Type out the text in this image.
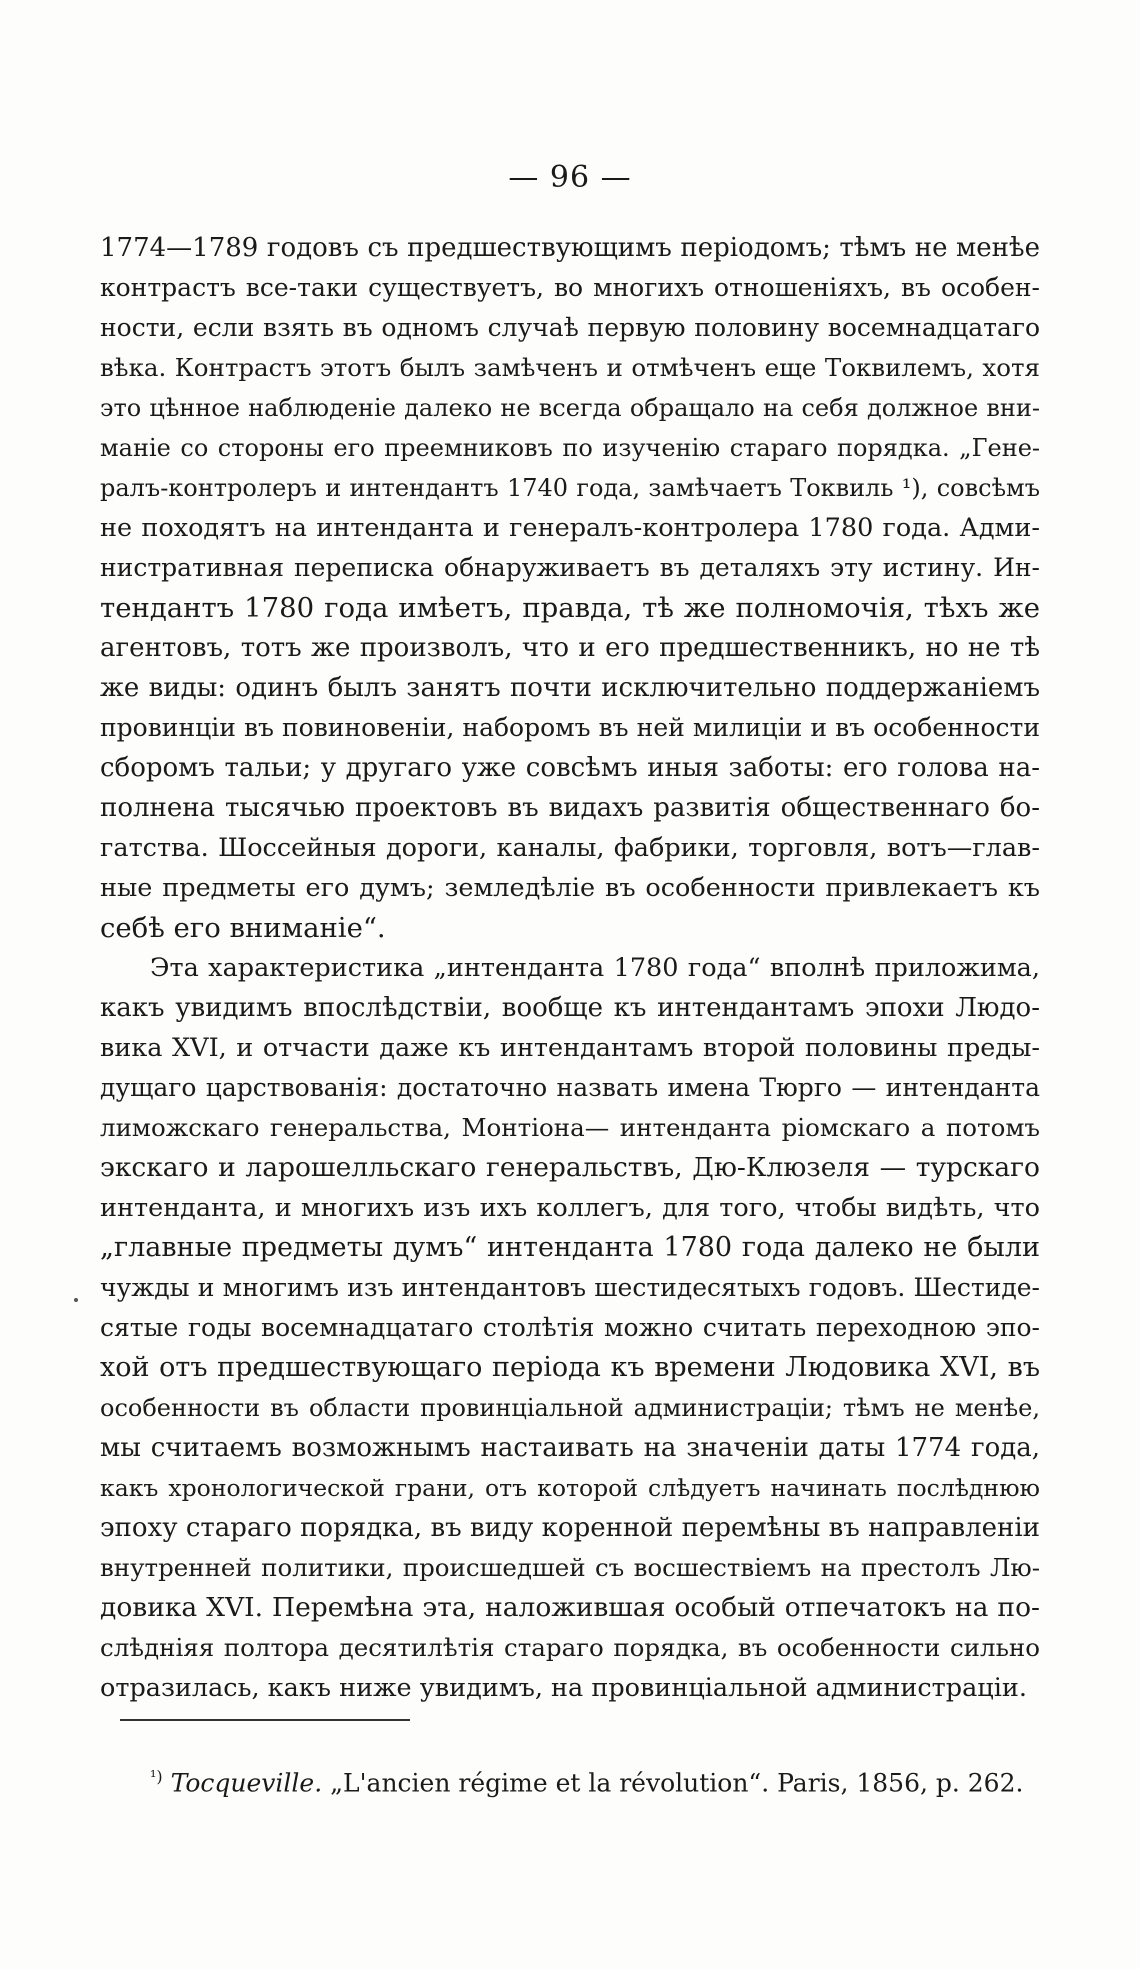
— 96 —
1774—1789 годовъ съ предшествующимъ періодомъ; тѣмъ не менѣе
контрастъ все-таки существуетъ, во многихъ отношеніяхъ, въ особен-
ности, если взять въ одномъ случаѣ первую половину восемнадцатаго
вѣка. Контрастъ этотъ былъ замѣченъ и отмѣченъ еще Токвилемъ, хотя
это цѣнное наблюденіе далеко не всегда обращало на себя должное вни-
маніе со стороны его преемниковъ по изученію стараго порядка. „Гене-
ралъ-контролеръ и интендантъ 1740 года, замѣчаетъ Токвиль ¹), совсѣмъ
не походятъ на интенданта и генералъ-контролера 1780 года. Адми-
нистративная переписка обнаруживаетъ въ деталяхъ эту истину. Ин-
тендантъ 1780 года имѣетъ, правда, тѣ же полномочія, тѣхъ же
агентовъ, тотъ же произволъ, что и его предшественникъ, но не тѣ
же виды: одинъ былъ занятъ почти исключительно поддержаніемъ
провинціи въ повиновеніи, наборомъ въ ней милиціи и въ особенности
сборомъ тальи; у другаго уже совсѣмъ иныя заботы: его голова на-
полнена тысячью проектовъ въ видахъ развитія общественнаго бо-
гатства. Шоссейныя дороги, каналы, фабрики, торговля, вотъ—глав-
ные предметы его думъ; земледѣліе въ особенности привлекаетъ къ
себѣ его вниманіе“.
Эта характеристика „интенданта 1780 года“ вполнѣ приложима,
какъ увидимъ впослѣдствіи, вообще къ интендантамъ эпохи Людо-
вика XVI, и отчасти даже къ интендантамъ второй половины преды-
дущаго царствованія: достаточно назвать имена Тюрго — интенданта
лиможскаго генеральства, Монтіона— интенданта ріомскаго а потомъ
экскаго и ларошелльскаго генеральствъ, Дю-Клюзеля — турскаго
интенданта, и многихъ изъ ихъ коллегъ, для того, чтобы видѣть, что
„главные предметы думъ“ интенданта 1780 года далеко не были
чужды и многимъ изъ интендантовъ шестидесятыхъ годовъ. Шестиде-
сятые годы восемнадцатаго столѣтія можно считать переходною эпо-
хой отъ предшествующаго періода къ времени Людовика XVI, въ
особенности въ области провинціальной администраціи; тѣмъ не менѣе,
мы считаемъ возможнымъ настаивать на значеніи даты 1774 года,
какъ хронологической грани, отъ которой слѣдуетъ начинать послѣднюю
эпоху стараго порядка, въ виду коренной перемѣны въ направленіи
внутренней политики, происшедшей съ восшествіемъ на престолъ Лю-
довика XVI. Перемѣна эта, наложившая особый отпечатокъ на по-
слѣдніяя полтора десятилѣтія стараго порядка, въ особенности сильно
отразилась, какъ ниже увидимъ, на провинціальной администраціи.
$^{^1)}$ Tocqueville. „L'ancien régime et la révolution“. Paris, 1856, p. 262.
